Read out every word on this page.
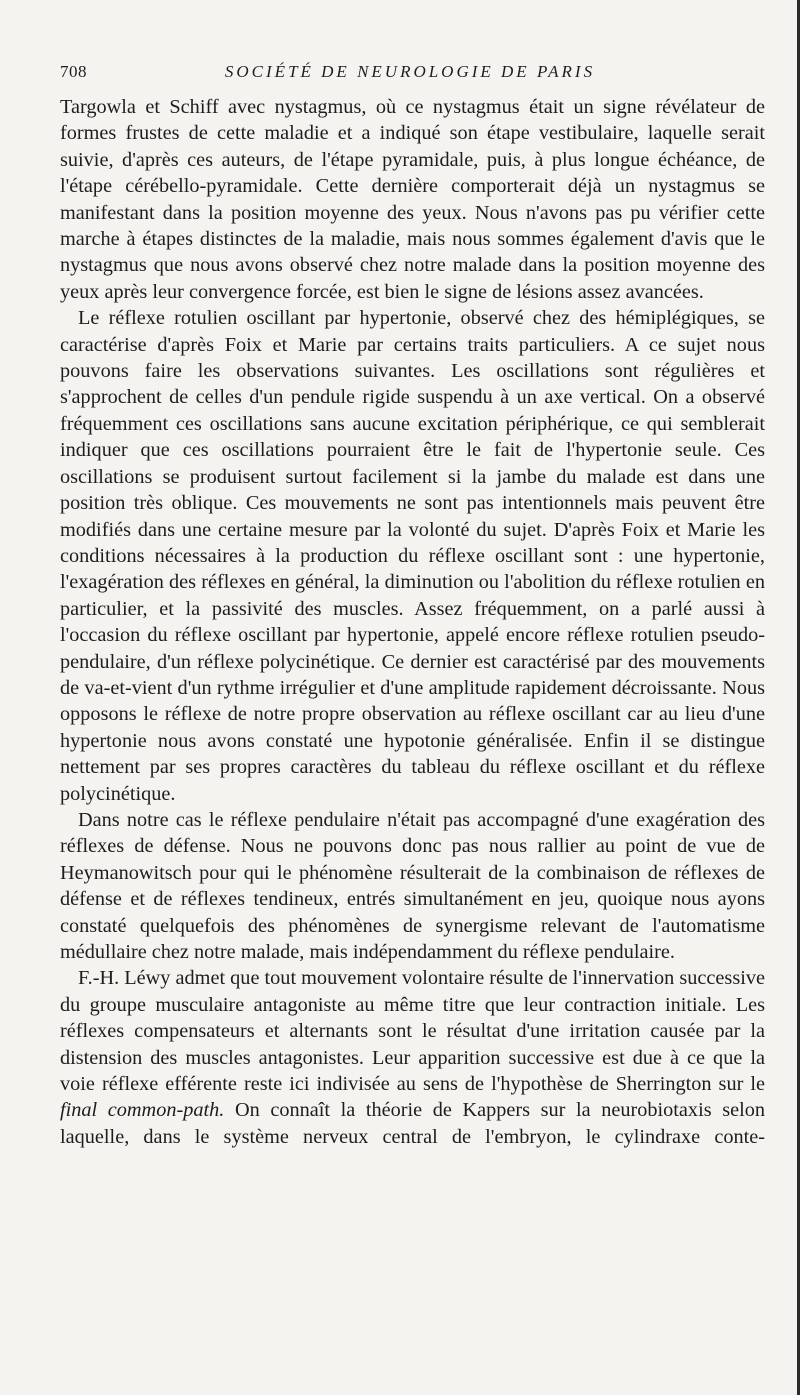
708	SOCIÉTÉ DE NEUROLOGIE DE PARIS

Targowla et Schiff avec nystagmus, où ce nystagmus était un signe révélateur de formes frustes de cette maladie et a indiqué son étape vestibulaire, laquelle serait suivie, d'après ces auteurs, de l'étape pyramidale, puis, à plus longue échéance, de l'étape cérébello-pyramidale. Cette dernière comporterait déjà un nystagmus se manifestant dans la position moyenne des yeux. Nous n'avons pas pu vérifier cette marche à étapes distinctes de la maladie, mais nous sommes également d'avis que le nystagmus que nous avons observé chez notre malade dans la position moyenne des yeux après leur convergence forcée, est bien le signe de lésions assez avancées.

Le réflexe rotulien oscillant par hypertonie, observé chez des hémiplégiques, se caractérise d'après Foix et Marie par certains traits particuliers. A ce sujet nous pouvons faire les observations suivantes. Les oscillations sont régulières et s'approchent de celles d'un pendule rigide suspendu à un axe vertical. On a observé fréquemment ces oscillations sans aucune excitation périphérique, ce qui semblerait indiquer que ces oscillations pourraient être le fait de l'hypertonie seule. Ces oscillations se produisent surtout facilement si la jambe du malade est dans une position très oblique. Ces mouvements ne sont pas intentionnels mais peuvent être modifiés dans une certaine mesure par la volonté du sujet. D'après Foix et Marie les conditions nécessaires à la production du réflexe oscillant sont : une hypertonie, l'exagération des réflexes en général, la diminution ou l'abolition du réflexe rotulien en particulier, et la passivité des muscles. Assez fréquemment, on a parlé aussi à l'occasion du réflexe oscillant par hypertonie, appelé encore réflexe rotulien pseudo-pendulaire, d'un réflexe polycinétique. Ce dernier est caractérisé par des mouvements de va-et-vient d'un rythme irrégulier et d'une amplitude rapidement décroissante. Nous opposons le réflexe de notre propre observation au réflexe oscillant car au lieu d'une hypertonie nous avons constaté une hypotonie généralisée. Enfin il se distingue nettement par ses propres caractères du tableau du réflexe oscillant et du réflexe polycinétique.

Dans notre cas le réflexe pendulaire n'était pas accompagné d'une exagération des réflexes de défense. Nous ne pouvons donc pas nous rallier au point de vue de Heymanowitsch pour qui le phénomène résulterait de la combinaison de réflexes de défense et de réflexes tendineux, entrés simultanément en jeu, quoique nous ayons constaté quelquefois des phénomènes de synergisme relevant de l'automatisme médullaire chez notre malade, mais indépendamment du réflexe pendulaire.

F.-H. Léwy admet que tout mouvement volontaire résulte de l'innervation successive du groupe musculaire antagoniste au même titre que leur contraction initiale. Les réflexes compensateurs et alternants sont le résultat d'une irritation causée par la distension des muscles antagonistes. Leur apparition successive est due à ce que la voie réflexe efférente reste ici indivisée au sens de l'hypothèse de Sherrington sur le final common-path. On connaît la théorie de Kappers sur la neurobiotaxis selon laquelle, dans le système nerveux central de l'embryon, le cylindraxe conte-
